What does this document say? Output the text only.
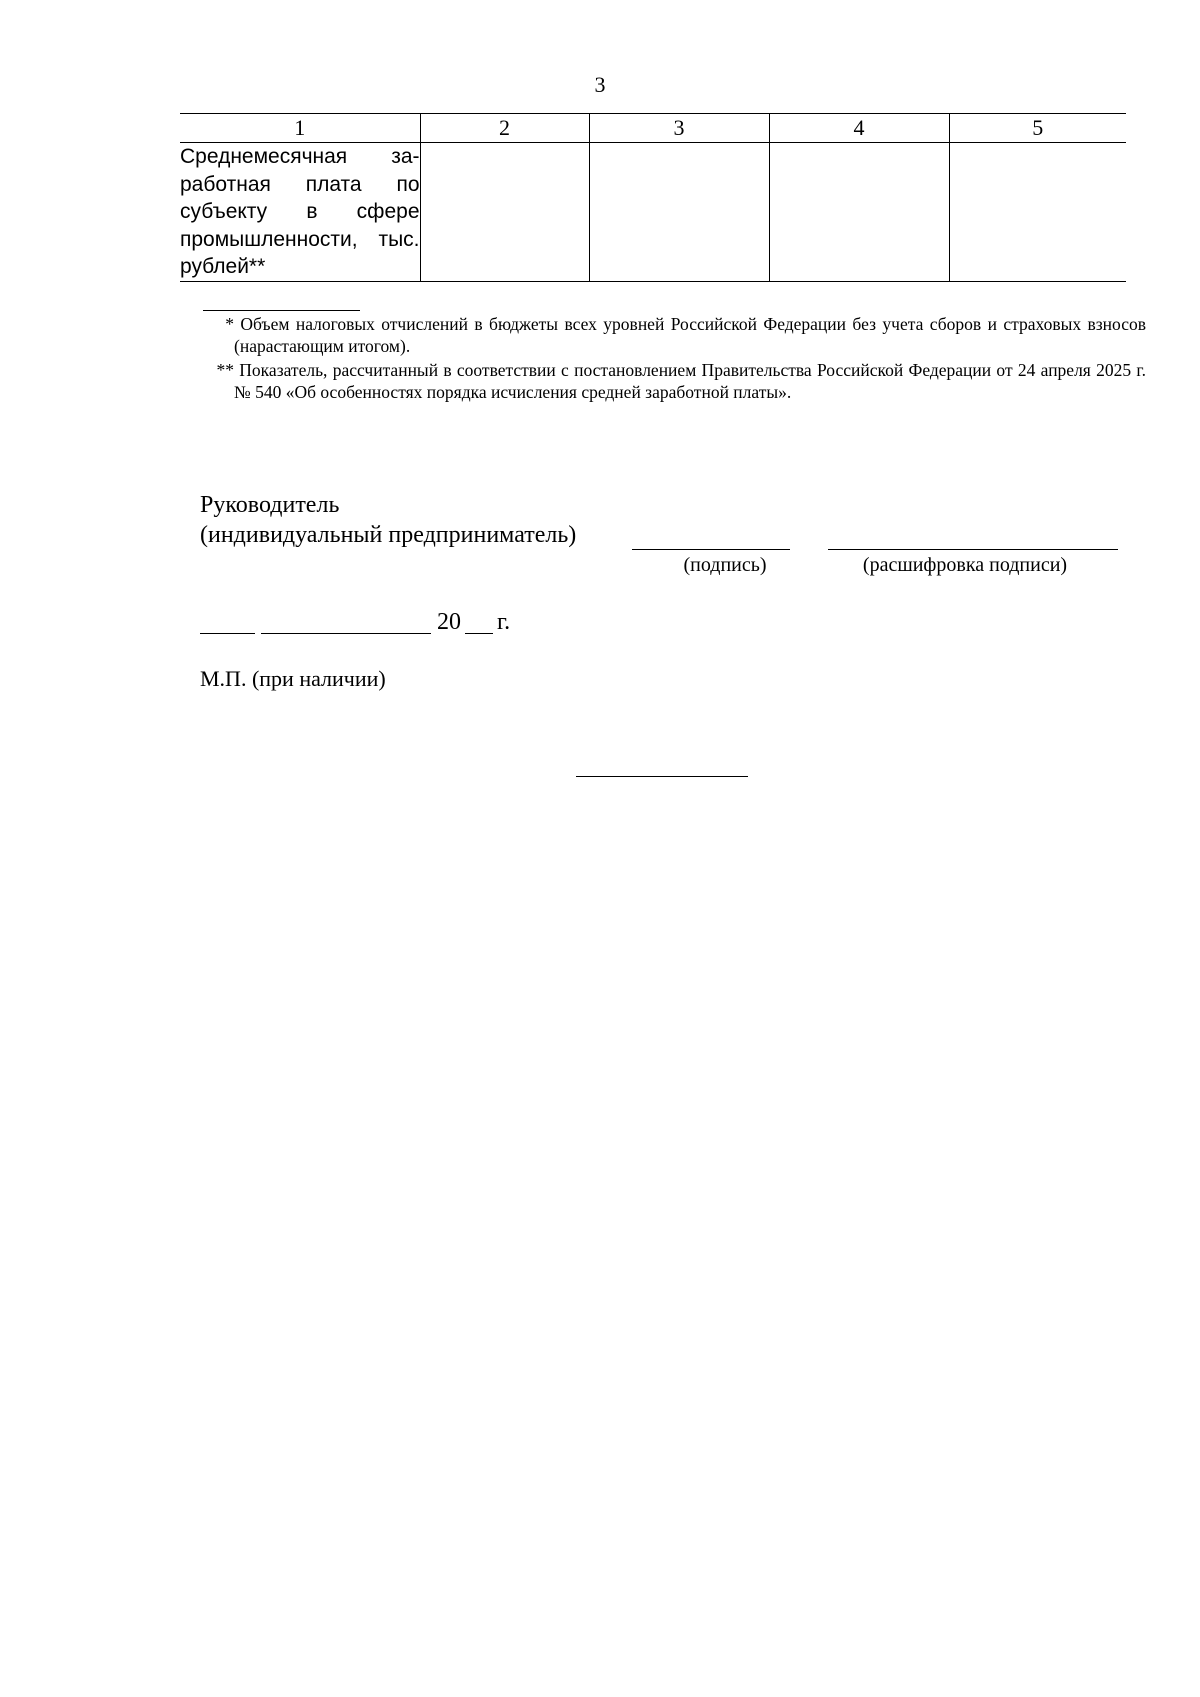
3
1	2	3	4	5
Среднемесячная за-работная плата по субъекту в сфере промышленности, тыс. рублей**				
* Объем налоговых отчислений в бюджеты всех уровней Российской Федерации без учета сборов и страховых взносов (нарастающим итогом).
** Показатель, рассчитанный в соответствии с постановлением Правительства Российской Федерации от 24 апреля 2025 г. № 540 «Об особенностях порядка исчисления средней заработной платы».
Руководитель
(индивидуальный предприниматель)
(подпись)	(расшифровка подписи)
20 г.
М.П. (при наличии)
